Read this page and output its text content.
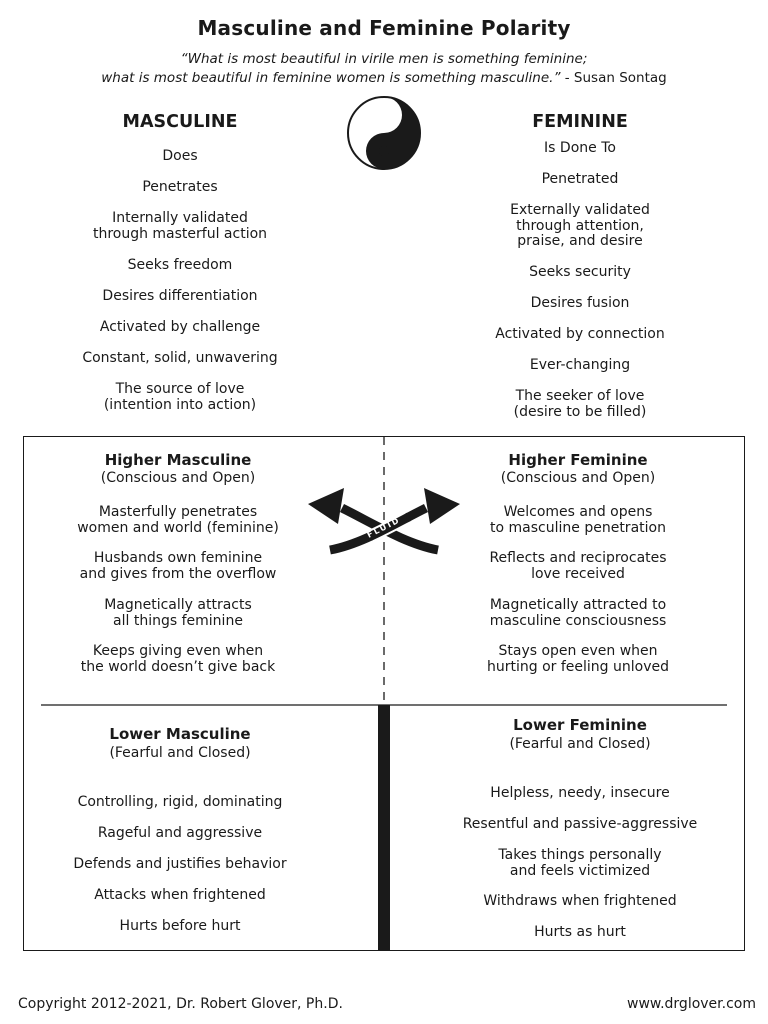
Masculine and Feminine Polarity
“What is most beautiful in virile men is something feminine;
what is most beautiful in feminine women is something masculine.” - Susan Sontag
MASCULINE	FEMININE
Does
Penetrates
Internally validated
through masterful action
Seeks freedom
Desires differentiation
Activated by challenge
Constant, solid, unwavering
The source of love
(intention into action)
Is Done To
Penetrated
Externally validated
through attention,
praise, and desire
Seeks security
Desires fusion
Activated by connection
Ever-changing
The seeker of love
(desire to be filled)
FLUID
Higher Masculine
(Conscious and Open)
Masterfully penetrates
women and world (feminine)
Husbands own feminine
and gives from the overflow
Magnetically attracts
all things feminine
Keeps giving even when
the world doesn’t give back
Higher Feminine
(Conscious and Open)
Welcomes and opens
to masculine penetration
Reflects and reciprocates
love received
Magnetically attracted to
masculine consciousness
Stays open even when
hurting or feeling unloved
Lower Masculine
(Fearful and Closed)
Controlling, rigid, dominating
Rageful and aggressive
Defends and justifies behavior
Attacks when frightened
Hurts before hurt
Lower Feminine
(Fearful and Closed)
Helpless, needy, insecure
Resentful and passive-aggressive
Takes things personally
and feels victimized
Withdraws when frightened
Hurts as hurt
Copyright 2012-2021, Dr. Robert Glover, Ph.D.	www.drglover.com
